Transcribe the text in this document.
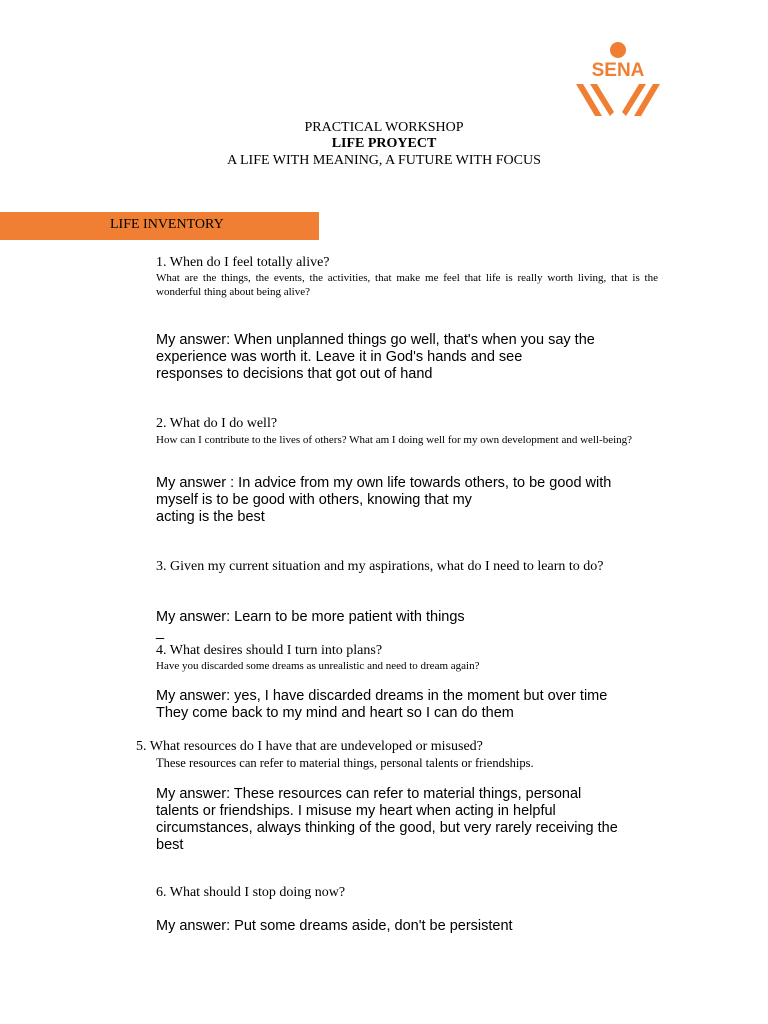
SENA
PRACTICAL WORKSHOP
LIFE PROYECT
A LIFE WITH MEANING, A FUTURE WITH FOCUS
LIFE INVENTORY
1. When do I feel totally alive?
What are the things, the events, the activities, that make me feel that life is really worth living, that is the wonderful thing about being alive?
My answer: When unplanned things go well, that's when you say the
experience was worth it. Leave it in God's hands and see
responses to decisions that got out of hand
2. What do I do well?
How can I contribute to the lives of others? What am I doing well for my own development and well-being?
My answer : In advice from my own life towards others, to be good with
myself is to be good with others, knowing that my
acting is the best
3. Given my current situation and my aspirations, what do I need to learn to do?
My answer: Learn to be more patient with things
_
4. What desires should I turn into plans?
Have you discarded some dreams as unrealistic and need to dream again?
My answer: yes, I have discarded dreams in the moment but over time
They come back to my mind and heart so I can do them
5. What resources do I have that are undeveloped or misused?
These resources can refer to material things, personal talents or friendships.
My answer: These resources can refer to material things, personal
talents or friendships. I misuse my heart when acting in helpful
circumstances, always thinking of the good, but very rarely receiving the
best
6. What should I stop doing now?
My answer: Put some dreams aside, don't be persistent
